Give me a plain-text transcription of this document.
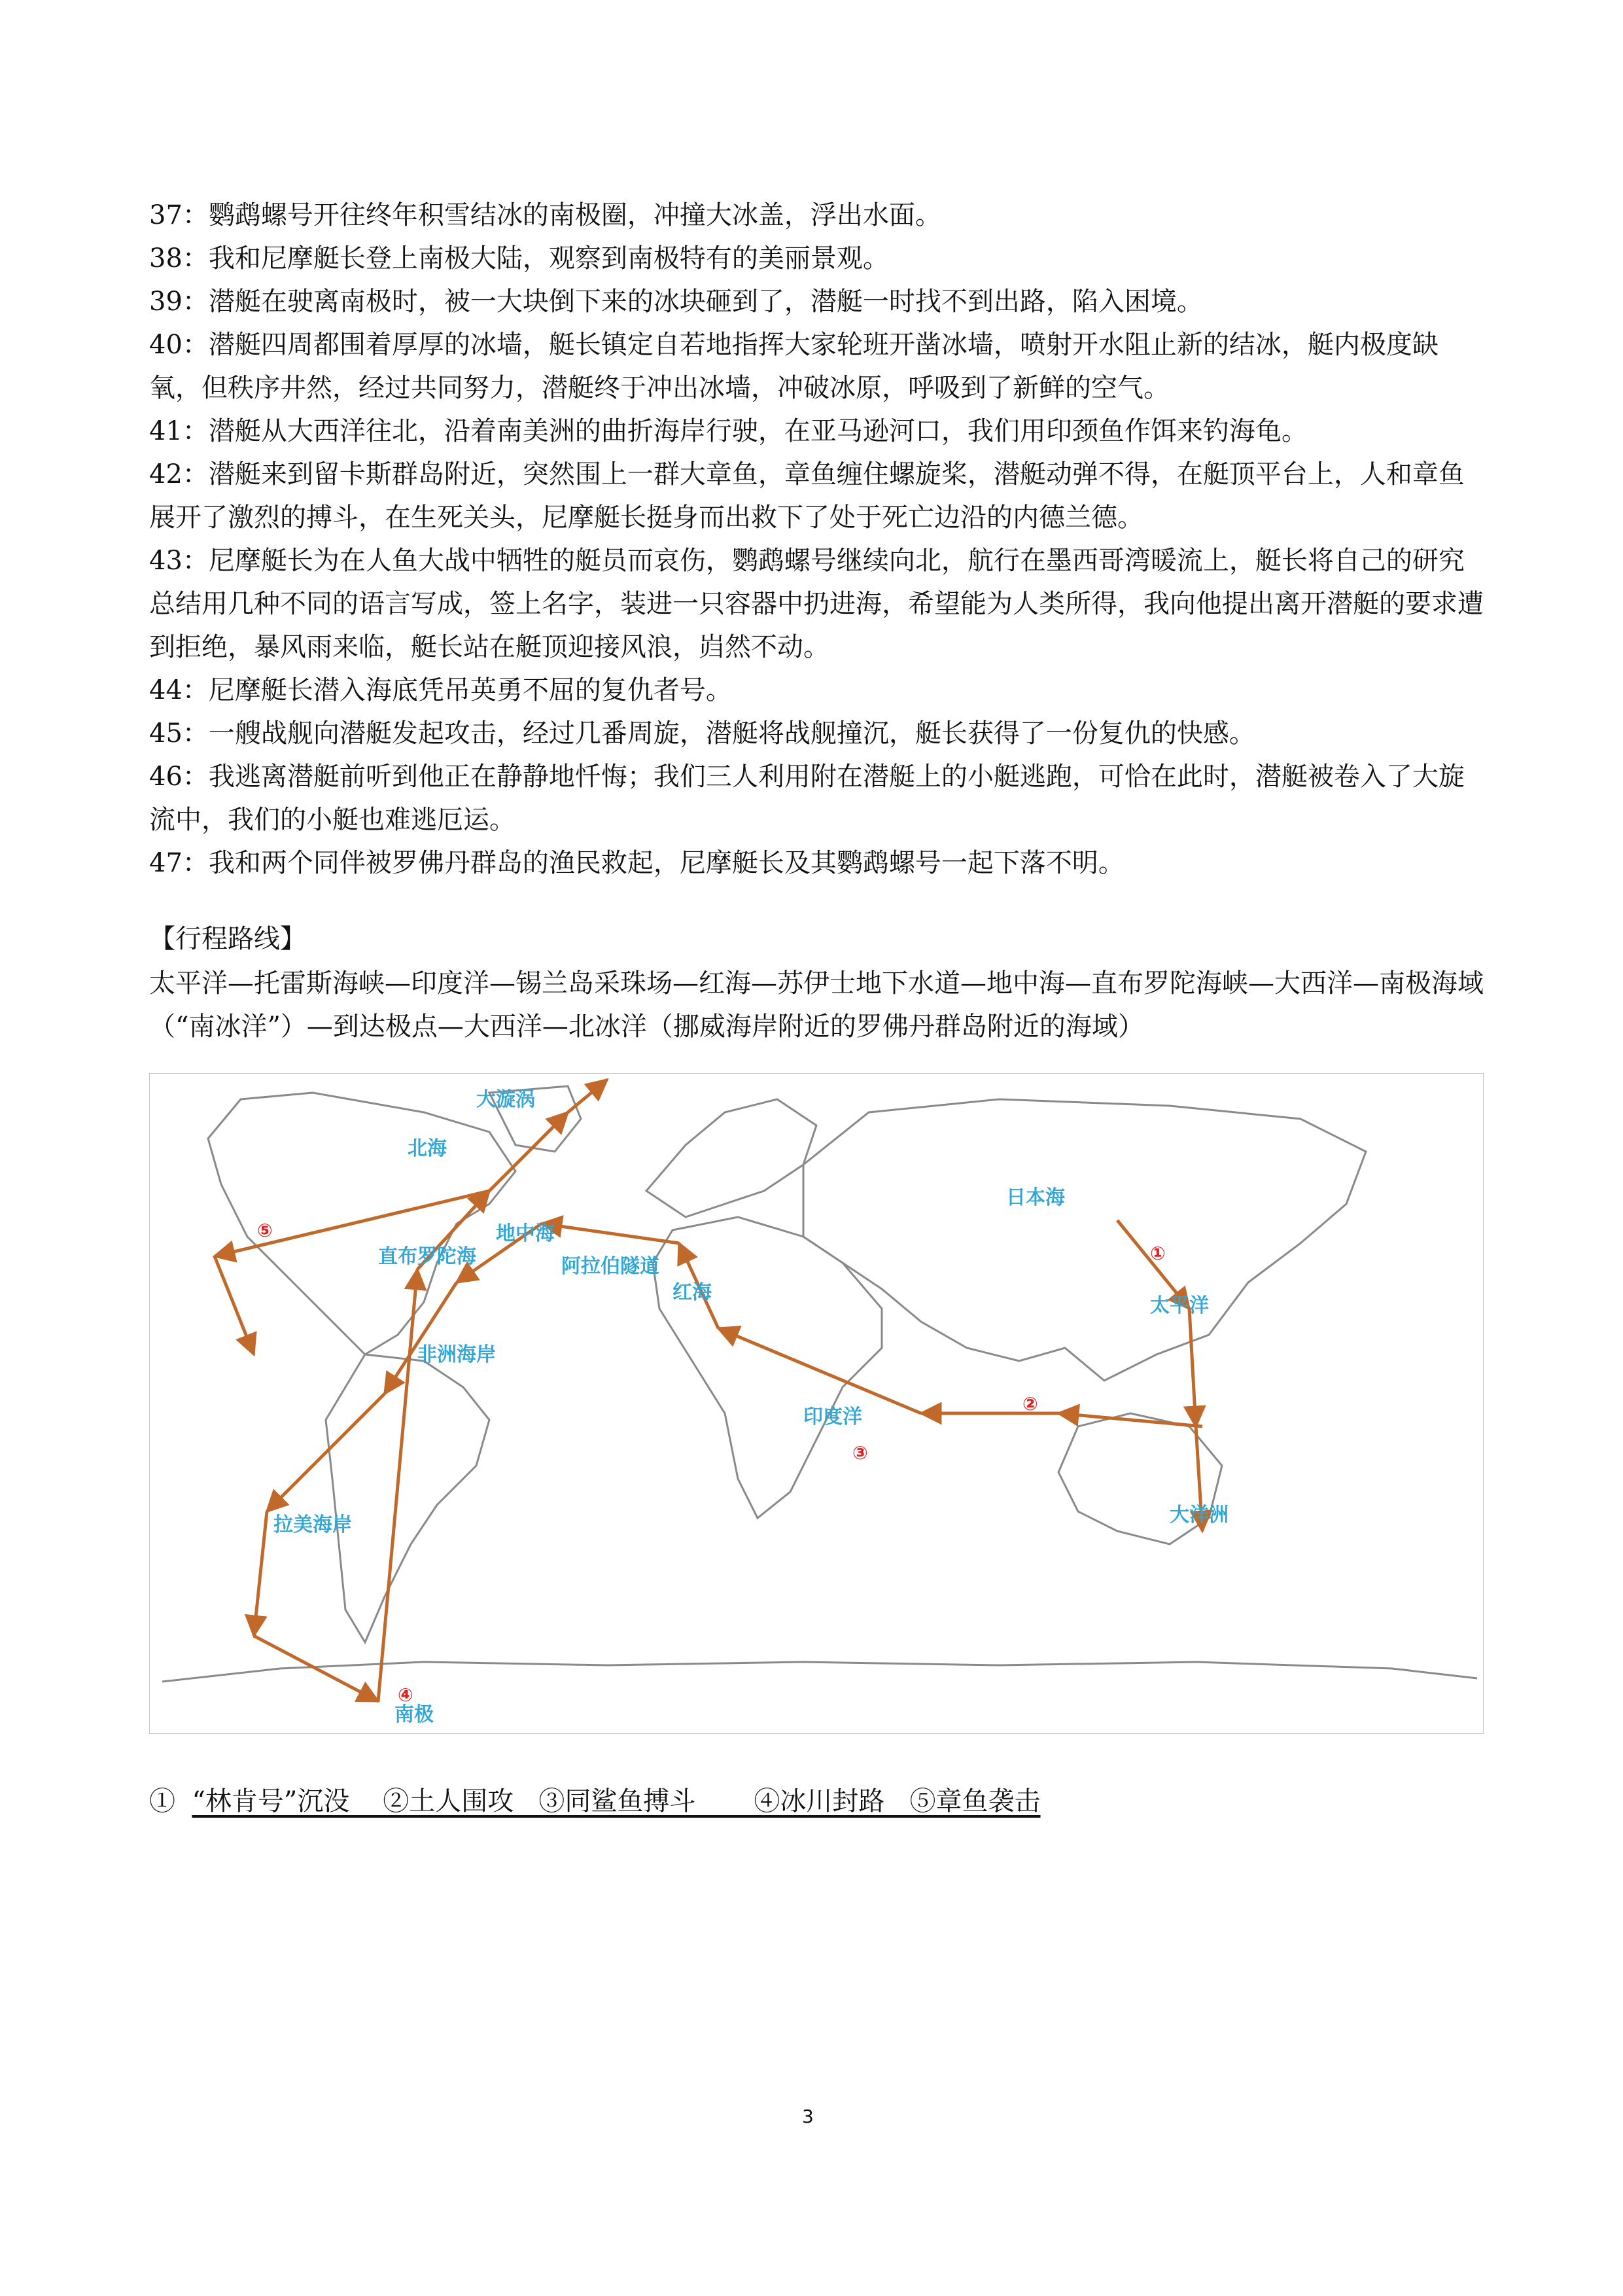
37：鹦鹉螺号开往终年积雪结冰的南极圈，冲撞大冰盖，浮出水面。

38：我和尼摩艇长登上南极大陆，观察到南极特有的美丽景观。

39：潜艇在驶离南极时，被一大块倒下来的冰块砸到了，潜艇一时找不到出路，陷入困境。

40：潜艇四周都围着厚厚的冰墙，艇长镇定自若地指挥大家轮班开凿冰墙，喷射开水阻止新的结冰，艇内极度缺氧，但秩序井然，经过共同努力，潜艇终于冲出冰墙，冲破冰原，呼吸到了新鲜的空气。

41：潜艇从大西洋往北，沿着南美洲的曲折海岸行驶，在亚马逊河口，我们用印颈鱼作饵来钓海龟。

42：潜艇来到留卡斯群岛附近，突然围上一群大章鱼，章鱼缠住螺旋桨，潜艇动弹不得，在艇顶平台上，人和章鱼展开了激烈的搏斗，在生死关头，尼摩艇长挺身而出救下了处于死亡边沿的内德兰德。

43：尼摩艇长为在人鱼大战中牺牲的艇员而哀伤，鹦鹉螺号继续向北，航行在墨西哥湾暖流上，艇长将自己的研究总结用几种不同的语言写成，签上名字，装进一只容器中扔进海，希望能为人类所得，我向他提出离开潜艇的要求遭到拒绝，暴风雨来临，艇长站在艇顶迎接风浪，岿然不动。

44：尼摩艇长潜入海底凭吊英勇不屈的复仇者号。

45：一艘战舰向潜艇发起攻击，经过几番周旋，潜艇将战舰撞沉，艇长获得了一份复仇的快感。

46：我逃离潜艇前听到他正在静静地忏悔；我们三人利用附在潜艇上的小艇逃跑，可恰在此时，潜艇被卷入了大旋流中，我们的小艇也难逃厄运。

47：我和两个同伴被罗佛丹群岛的渔民救起，尼摩艇长及其鹦鹉螺号一起下落不明。

【行程路线】

太平洋—托雷斯海峡—印度洋—锡兰岛采珠场—红海—苏伊士地下水道—地中海—直布罗陀海峡—大西洋—南极海域（“南冰洋”）—到达极点—大西洋—北冰洋（挪威海岸附近的罗佛丹群岛附近的海域）

大漩涡
北海
地中海
直布罗陀海	阿拉伯隧道
红海
非洲海岸
日本海
太平洋
印度洋
大洋洲
拉美海岸
南极
①
②
③
④
⑤

①  “林肯号”沉没    ②土人围攻   ③同鲨鱼搏斗       ④冰川封路   ⑤章鱼袭击

3
